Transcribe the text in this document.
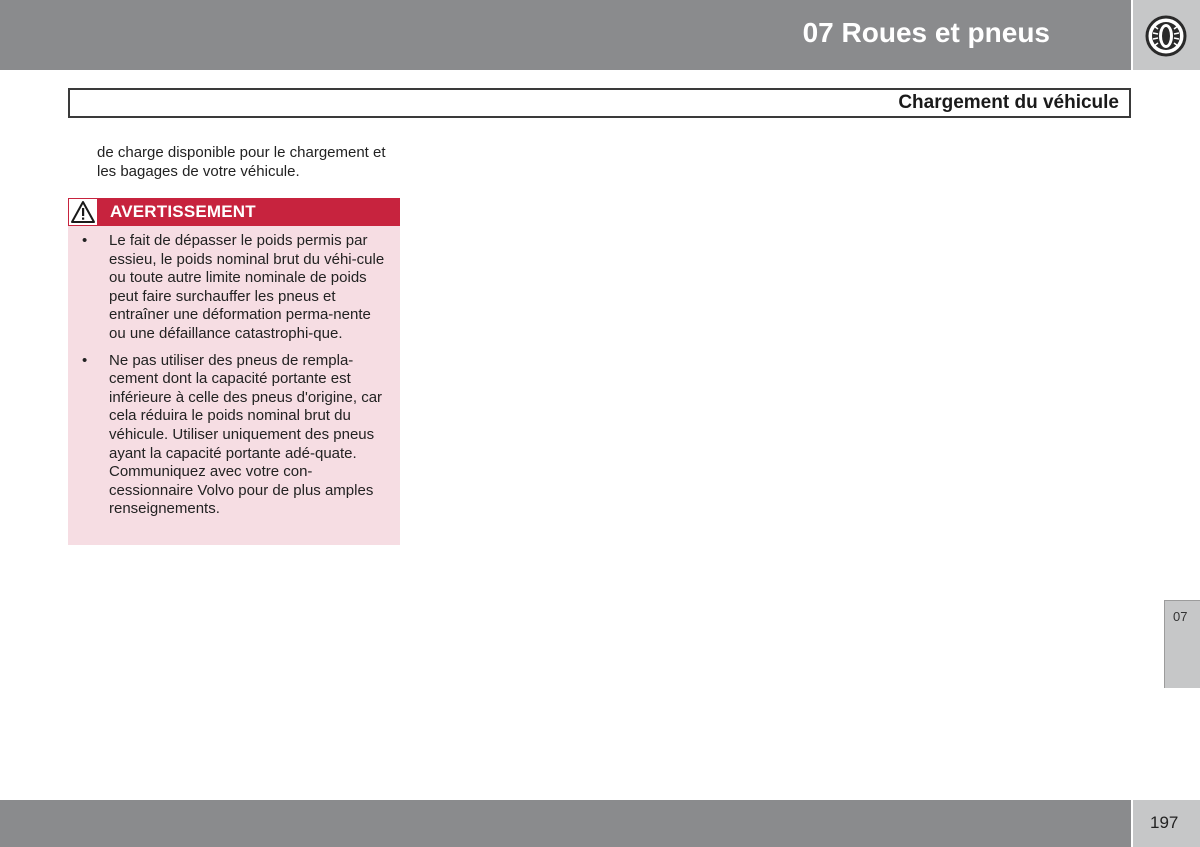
07 Roues et pneus
Chargement du véhicule
de charge disponible pour le chargement et les bagages de votre véhicule.
AVERTISSEMENT
• Le fait de dépasser le poids permis par essieu, le poids nominal brut du véhi-cule ou toute autre limite nominale de poids peut faire surchauffer les pneus et entraîner une déformation perma-nente ou une défaillance catastrophi-que.
• Ne pas utiliser des pneus de rempla-cement dont la capacité portante est inférieure à celle des pneus d'origine, car cela réduira le poids nominal brut du véhicule. Utiliser uniquement des pneus ayant la capacité portante adé-quate. Communiquez avec votre con-cessionnaire Volvo pour de plus amples renseignements.
07
197
